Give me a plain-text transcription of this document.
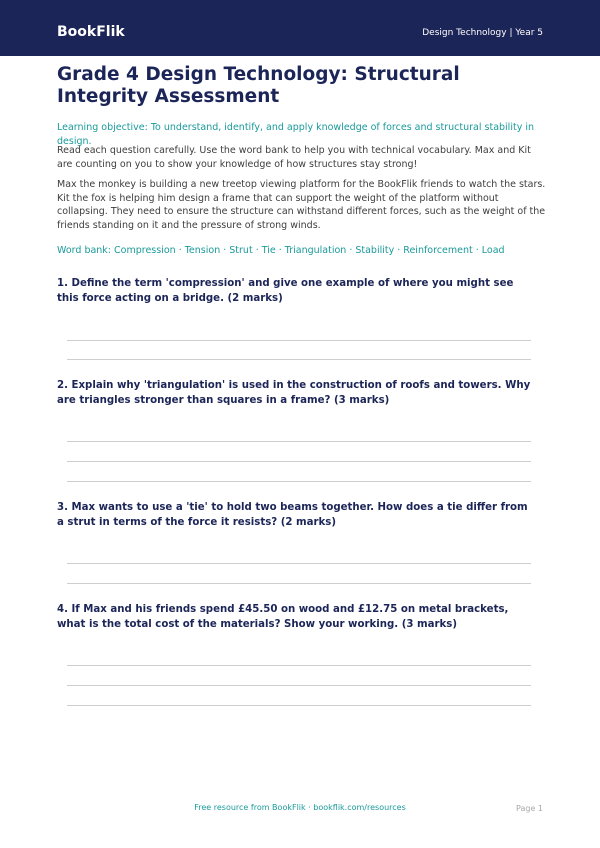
BookFlik	Design Technology | Year 5
Grade 4 Design Technology: Structural Integrity Assessment
Learning objective: To understand, identify, and apply knowledge of forces and structural stability in design.
Read each question carefully. Use the word bank to help you with technical vocabulary. Max and Kit are counting on you to show your knowledge of how structures stay strong!
Max the monkey is building a new treetop viewing platform for the BookFlik friends to watch the stars. Kit the fox is helping him design a frame that can support the weight of the platform without collapsing. They need to ensure the structure can withstand different forces, such as the weight of the friends standing on it and the pressure of strong winds.
Word bank: Compression · Tension · Strut · Tie · Triangulation · Stability · Reinforcement · Load
1. Define the term 'compression' and give one example of where you might see this force acting on a bridge. (2 marks)
2. Explain why 'triangulation' is used in the construction of roofs and towers. Why are triangles stronger than squares in a frame? (3 marks)
3. Max wants to use a 'tie' to hold two beams together. How does a tie differ from a strut in terms of the force it resists? (2 marks)
4. If Max and his friends spend £45.50 on wood and £12.75 on metal brackets, what is the total cost of the materials? Show your working. (3 marks)
Free resource from BookFlik · bookflik.com/resources	Page 1
